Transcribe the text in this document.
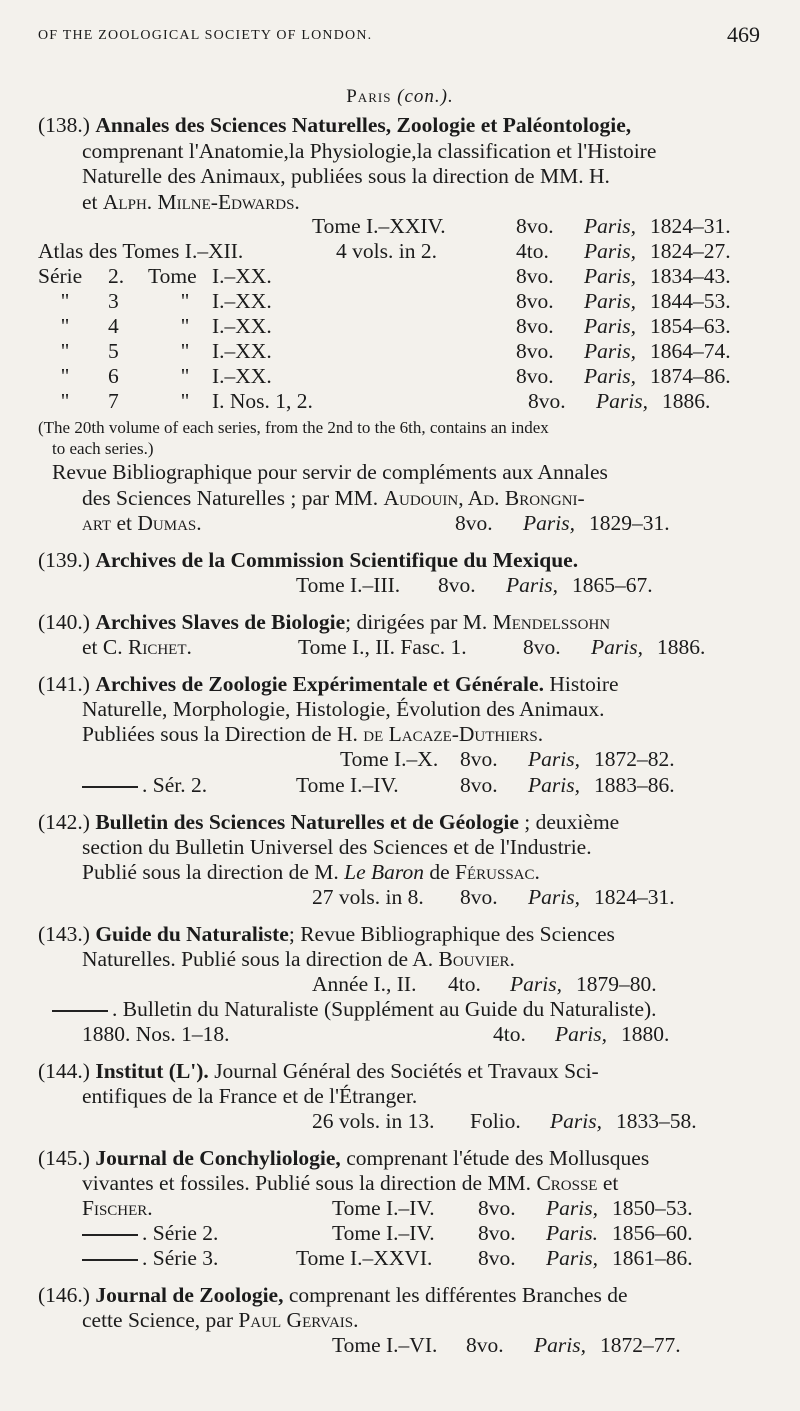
OF THE ZOOLOGICAL SOCIETY OF LONDON.	469
Paris (con.).
(138.) Annales des Sciences Naturelles, Zoologie et Paléontologie,
comprenant l'Anatomie,la Physiologie,la classification et l'Histoire
Naturelle des Animaux, publiées sous la direction de MM. H.
et Alph. Milne-Edwards.
Tome I.–XXIV.	8vo. Paris, 1824–31.
Atlas des Tomes I.–XII.	4 vols. in 2.	4to. Paris, 1824–27.
Série 2. Tome I.–XX.	8vo. Paris, 1834–43.
"	3	"	I.–XX.	8vo. Paris, 1844–53.
"	4	"	I.–XX.	8vo. Paris, 1854–63.
"	5	"	I.–XX.	8vo. Paris, 1864–74.
"	6	"	I.–XX.	8vo. Paris, 1874–86.
"	7	"	I. Nos. 1, 2.	8vo. Paris, 1886.
(The 20th volume of each series, from the 2nd to the 6th, contains an index
to each series.)
Revue Bibliographique pour servir de compléments aux Annales
des Sciences Naturelles ; par MM. Audouin, Ad. Brongni-
art et Dumas.	8vo. Paris, 1829–31.
(139.) Archives de la Commission Scientifique du Mexique.
Tome I.–III. 8vo. Paris, 1865–67.
(140.) Archives Slaves de Biologie; dirigées par M. Mendelssohn
et C. Richet.	Tome I., II. Fasc. 1.	8vo. Paris, 1886.
(141.) Archives de Zoologie Expérimentale et Générale. Histoire
Naturelle, Morphologie, Histologie, Évolution des Animaux.
Publiées sous la Direction de H. de Lacaze-Duthiers.
Tome I.–X. 8vo. Paris, 1872–82.
. Sér. 2.	Tome I.–IV.	8vo. Paris, 1883–86.
(142.) Bulletin des Sciences Naturelles et de Géologie ; deuxième
section du Bulletin Universel des Sciences et de l'Industrie.
Publié sous la direction de M. Le Baron de Férussac.
27 vols. in 8. 8vo. Paris, 1824–31.
(143.) Guide du Naturaliste; Revue Bibliographique des Sciences
Naturelles. Publié sous la direction de A. Bouvier.
Année I., II. 4to. Paris, 1879–80.
. Bulletin du Naturaliste (Supplément au Guide du Naturaliste).
1880. Nos. 1–18.	4to. Paris, 1880.
(144.) Institut (L'). Journal Général des Sociétés et Travaux Sci-
entifiques de la France et de l'Étranger.
26 vols. in 13. Folio. Paris, 1833–58.
(145.) Journal de Conchyliologie, comprenant l'étude des Mollusques
vivantes et fossiles. Publié sous la direction de MM. Crosse et
Fischer.	Tome I.–IV. 8vo. Paris, 1850–53.
. Série 2.	Tome I.–IV. 8vo. Paris. 1856–60.
. Série 3.	Tome I.–XXVI. 8vo. Paris, 1861–86.
(146.) Journal de Zoologie, comprenant les différentes Branches de
cette Science, par Paul Gervais.
Tome I.–VI. 8vo. Paris, 1872–77.
